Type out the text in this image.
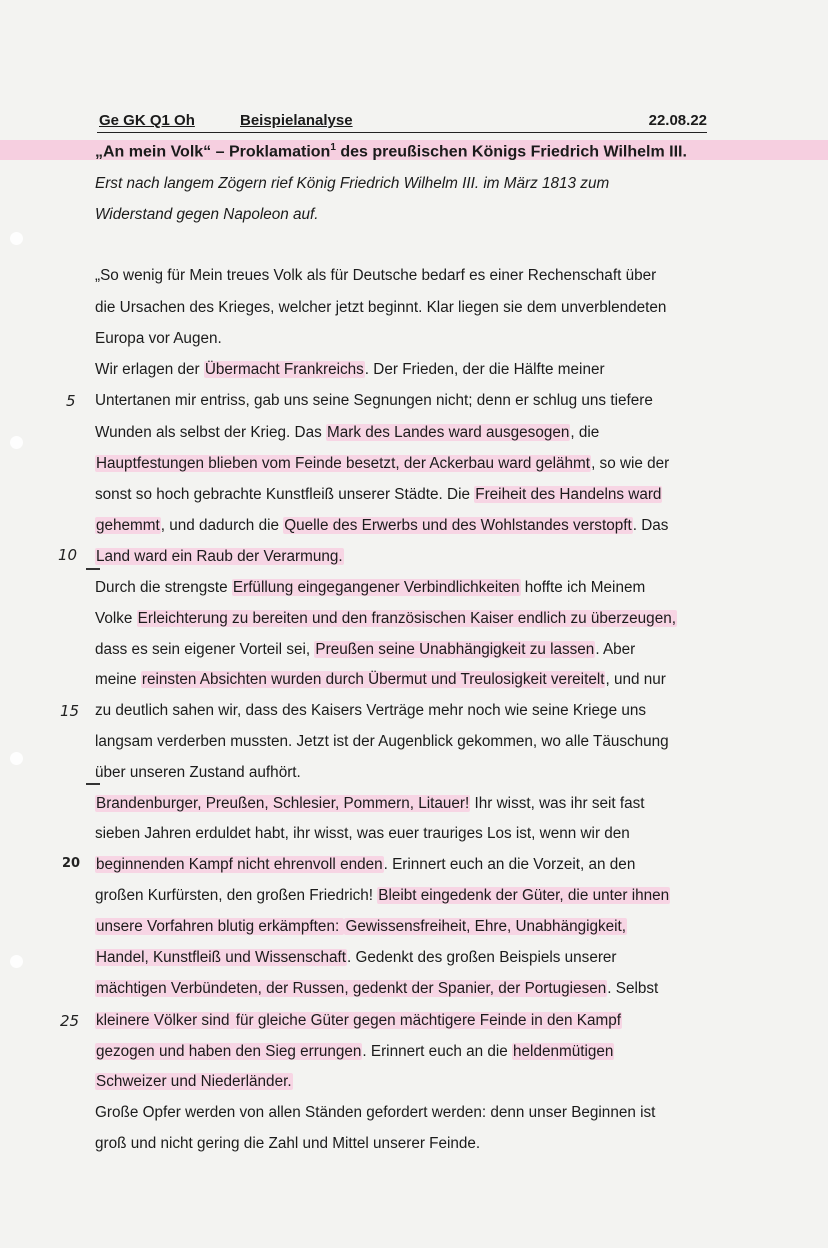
Ge GK Q1 Oh	Beispielanalyse	22.08.22
„An mein Volk“ – Proklamation$^1$ des preußischen Königs Friedrich Wilhelm III.
Erst nach langem Zögern rief König Friedrich Wilhelm III. im März 1813 zum
Widerstand gegen Napoleon auf.
5
10
15
20
25
„So wenig für Mein treues Volk als für Deutsche bedarf es einer Rechenschaft über
die Ursachen des Krieges, welcher jetzt beginnt. Klar liegen sie dem unverblendeten
Europa vor Augen.
Wir erlagen der Übermacht Frankreichs. Der Frieden, der die Hälfte meiner
Untertanen mir entriss, gab uns seine Segnungen nicht; denn er schlug uns tiefere
Wunden als selbst der Krieg. Das Mark des Landes ward ausgesogen, die
Hauptfestungen blieben vom Feinde besetzt, der Ackerbau ward gelähmt, so wie der
sonst so hoch gebrachte Kunstfleiß unserer Städte. Die Freiheit des Handelns ward
gehemmt, und dadurch die Quelle des Erwerbs und des Wohlstandes verstopft. Das
Land ward ein Raub der Verarmung.
Durch die strengste Erfüllung eingegangener Verbindlichkeiten hoffte ich Meinem
Volke Erleichterung zu bereiten und den französischen Kaiser endlich zu überzeugen,
dass es sein eigener Vorteil sei, Preußen seine Unabhängigkeit zu lassen. Aber
meine reinsten Absichten wurden durch Übermut und Treulosigkeit vereitelt, und nur
zu deutlich sahen wir, dass des Kaisers Verträge mehr noch wie seine Kriege uns
langsam verderben mussten. Jetzt ist der Augenblick gekommen, wo alle Täuschung
über unseren Zustand aufhört.
Brandenburger, Preußen, Schlesier, Pommern, Litauer! Ihr wisst, was ihr seit fast
sieben Jahren erduldet habt, ihr wisst, was euer trauriges Los ist, wenn wir den
beginnenden Kampf nicht ehrenvoll enden. Erinnert euch an die Vorzeit, an den
großen Kurfürsten, den großen Friedrich! Bleibt eingedenk der Güter, die unter ihnen
unsere Vorfahren blutig erkämpften: Gewissensfreiheit, Ehre, Unabhängigkeit,
Handel, Kunstfleiß und Wissenschaft. Gedenkt des großen Beispiels unserer
mächtigen Verbündeten, der Russen, gedenkt der Spanier, der Portugiesen. Selbst
kleinere Völker sind für gleiche Güter gegen mächtigere Feinde in den Kampf
gezogen und haben den Sieg errungen. Erinnert euch an die heldenmütigen
Schweizer und Niederländer.
Große Opfer werden von allen Ständen gefordert werden: denn unser Beginnen ist
groß und nicht gering die Zahl und Mittel unserer Feinde.
